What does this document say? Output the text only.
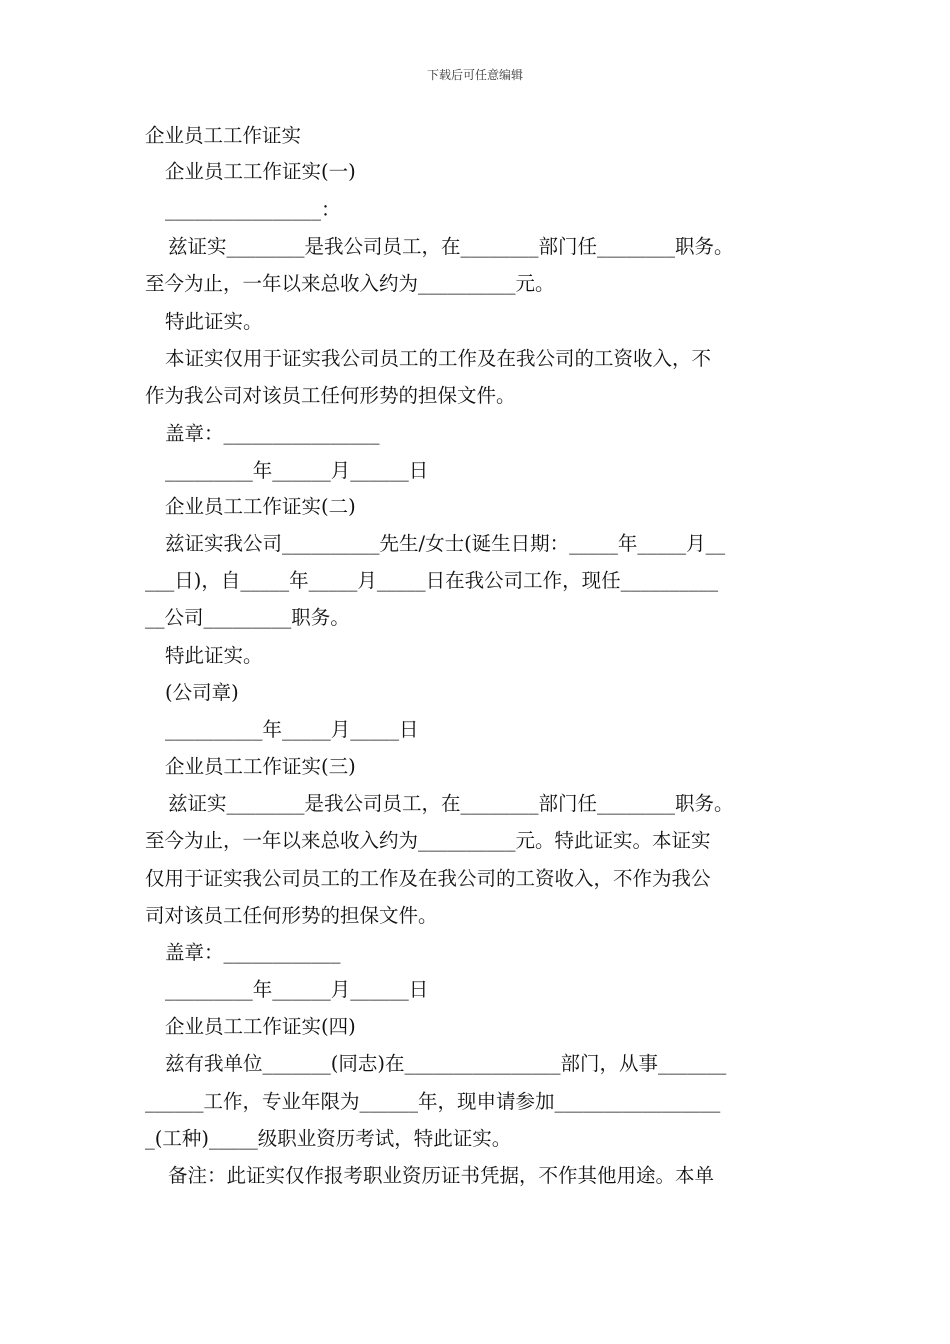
下载后可任意编辑
企业员工工作证实
企业员工工作证实(一)
________________：
兹证实________是我公司员工，在________部门任________职务。
至今为止，一年以来总收入约为__________元。
特此证实。
本证实仅用于证实我公司员工的工作及在我公司的工资收入，不
作为我公司对该员工任何形势的担保文件。
盖章：________________
_________年______月______日
企业员工工作证实(二)
兹证实我公司__________先生/女士(诞生日期：_____年_____月__
___日)，自_____年_____月_____日在我公司工作，现任__________
__公司_________职务。
特此证实。
(公司章)
__________年_____月_____日
企业员工工作证实(三)
兹证实________是我公司员工，在________部门任________职务。
至今为止，一年以来总收入约为__________元。特此证实。本证实
仅用于证实我公司员工的工作及在我公司的工资收入，不作为我公
司对该员工任何形势的担保文件。
盖章：____________
_________年______月______日
企业员工工作证实(四)
兹有我单位_______(同志)在________________部门，从事_______
______工作，专业年限为______年，现申请参加_________________
_(工种)_____级职业资历考试，特此证实。
备注：此证实仅作报考职业资历证书凭据，不作其他用途。本单
